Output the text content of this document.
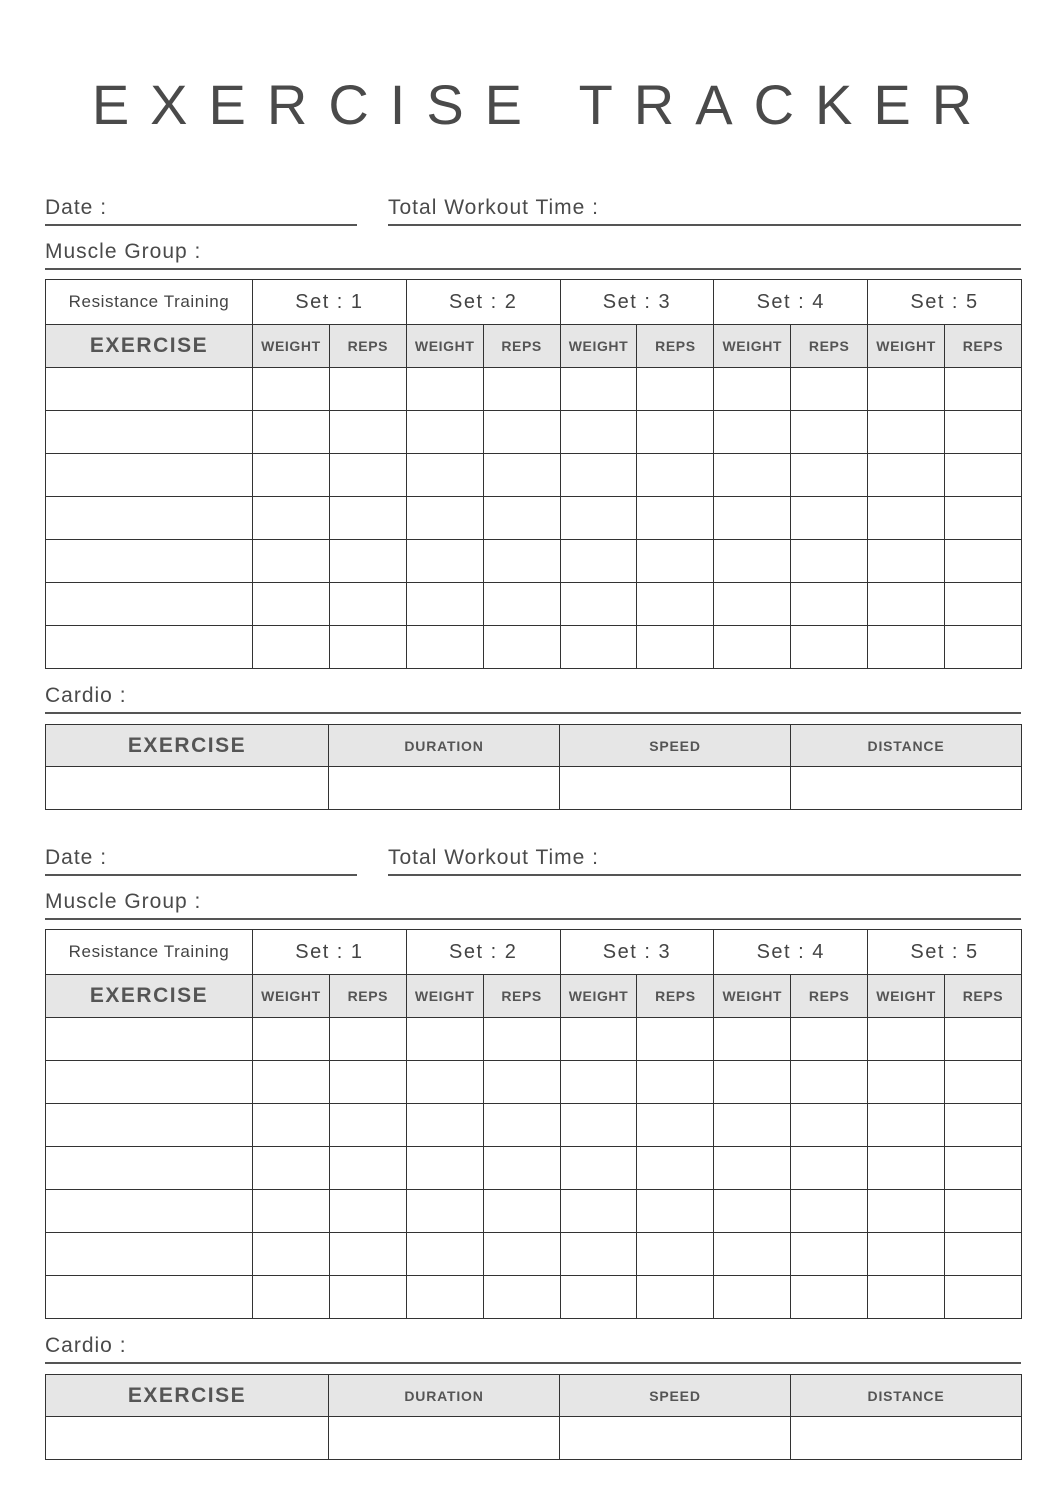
EXERCISE TRACKER
Date :	Total Workout Time :
Muscle Group :
Resistance Training	Set : 1		Set : 2		Set : 3		Set : 4		Set : 5	
EXERCISE	WEIGHT	REPS	WEIGHT	REPS	WEIGHT	REPS	WEIGHT	REPS	WEIGHT	REPS

Cardio :
EXERCISE	DURATION	SPEED	DISTANCE

Date :	Total Workout Time :
Muscle Group :
Resistance Training	Set : 1		Set : 2		Set : 3		Set : 4		Set : 5	
EXERCISE	WEIGHT	REPS	WEIGHT	REPS	WEIGHT	REPS	WEIGHT	REPS	WEIGHT	REPS

Cardio :
EXERCISE	DURATION	SPEED	DISTANCE
